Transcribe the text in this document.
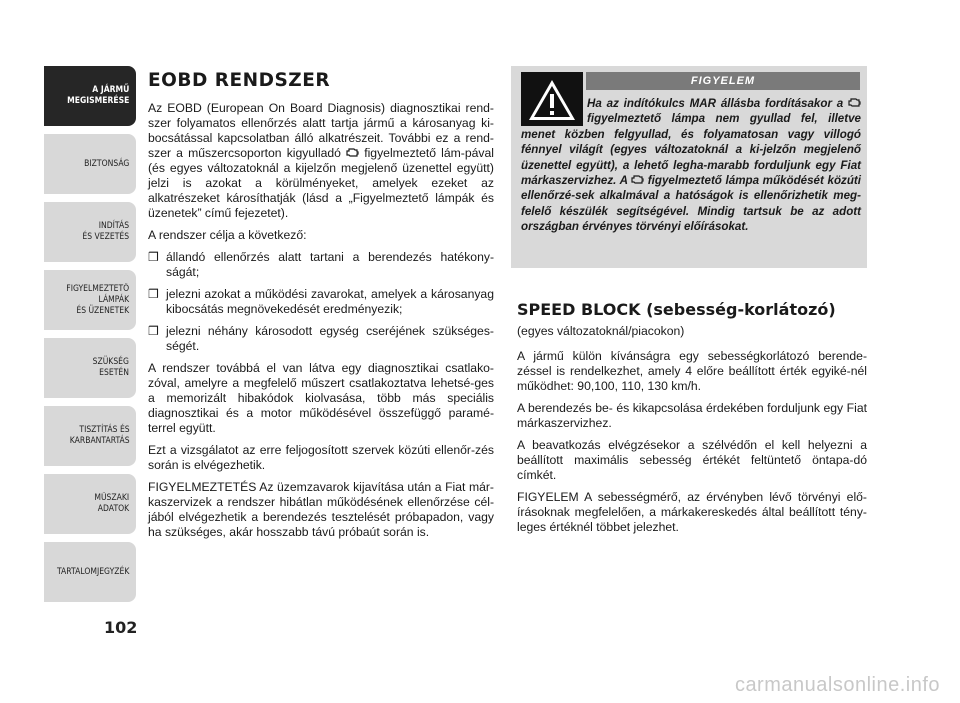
A JÁRMŰ
MEGISMERÉSE
BIZTONSÁG
INDÍTÁS
ÉS VEZETÉS
FIGYELMEZTETŐ
LÁMPÁK
ÉS ÜZENETEK
SZÜKSÉG
ESETÉN
TISZTÍTÁS ÉS
KARBANTARTÁS
MŰSZAKI
ADATOK
TARTALOMJEGYZÉK
102
EOBD RENDSZER

Az EOBD (European On Board Diagnosis) diagnosztikai rend-szer folyamatos ellenőrzés alatt tartja jármű a károsanyag ki-bocsátással kapcsolatban álló alkatrészeit. További ez a rend-szer a műszercsoporton kigyulladó  figyelmeztető lám-pával (és egyes változatoknál a kijelzőn megjelenő üzenettel együtt) jelzi is azokat a körülményeket, amelyek ezeket az alkatrészeket károsíthatják (lásd a „Figyelmeztető lámpák és üzenetek” című fejezetet).

A rendszer célja a következő:

❒ állandó ellenőrzés alatt tartani a berendezés hatékony-ságát;
❒ jelezni azokat a működési zavarokat, amelyek a károsanyag kibocsátás megnövekedését eredményezik;
❒ jelezni néhány károsodott egység cseréjének szükséges-ségét.

A rendszer továbbá el van látva egy diagnosztikai csatlako-zóval, amelyre a megfelelő műszert csatlakoztatva lehetsé-ges a memorizált hibakódok kiolvasása, több más speciális diagnosztikai és a motor működésével összefüggő paramé-terrel együtt.

Ezt a vizsgálatot az erre feljogosított szervek közúti ellenőr-zés során is elvégezhetik.

FIGYELMEZTETÉS Az üzemzavarok kijavítása után a Fiat már-kaszervizek a rendszer hibátlan működésének ellenőrzése cél-jából elvégezhetik a berendezés tesztelését próbapadon, vagy ha szükséges, akár hosszabb távú próbaút során is.

FIGYELEM
Ha az indítókulcs MAR állásba fordításakor a  figyelmeztető lámpa nem gyullad fel, illetve menet közben felgyullad, és folyamatosan vagy villogó fénnyel világít (egyes változatoknál a ki-jelzőn megjelenő üzenettel együtt), a lehető legha-marabb forduljunk egy Fiat márkaszervizhez. A  figyelmeztető lámpa működését közúti ellenőrzé-sek alkalmával a hatóságok is ellenőrizhetik meg-felelő készülék segítségével. Mindig tartsuk be az adott országban érvényes törvényi előírásokat.
SPEED BLOCK (sebesség-korlátozó)
(egyes változatoknál/piacokon)

A jármű külön kívánságra egy sebességkorlátozó berende-zéssel is rendelkezhet, amely 4 előre beállított érték egyiké-nél működhet: 90,100, 110, 130 km/h.

A berendezés be- és kikapcsolása érdekében forduljunk egy Fiat márkaszervizhez.

A beavatkozás elvégzésekor a szélvédőn el kell helyezni a beállított maximális sebesség értékét feltüntető öntapa-dó címkét.

FIGYELEM A sebességmérő, az érvényben lévő törvényi elő-írásoknak megfelelően, a márkakereskedés által beállított tény-leges értéknél többet jelezhet.

carmanualsonline.info
